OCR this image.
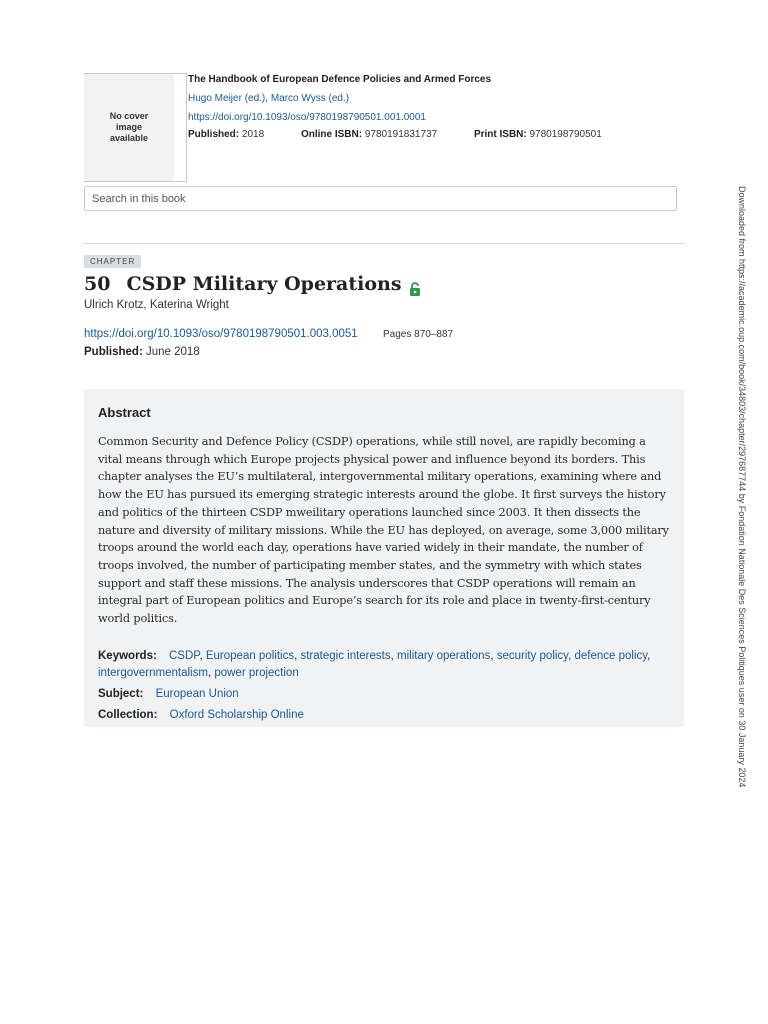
No cover image available
The Handbook of European Defence Policies and Armed Forces
Hugo Meijer (ed.), Marco Wyss (ed.)
https://doi.org/10.1093/oso/9780198790501.001.0001
Published: 2018	Online ISBN: 9780191831737	Print ISBN: 9780198790501
Search in this book
CHAPTER
50 CSDP Military Operations
Ulrich Krotz, Katerina Wright
https://doi.org/10.1093/oso/9780198790501.003.0051	Pages 870–887
Published: June 2018
Abstract

Common Security and Defence Policy (CSDP) operations, while still novel, are rapidly becoming a vital means through which Europe projects physical power and influence beyond its borders. This chapter analyses the EU’s multilateral, intergovernmental military operations, examining where and how the EU has pursued its emerging strategic interests around the globe. It first surveys the history and politics of the thirteen CSDP mweilitary operations launched since 2003. It then dissects the nature and diversity of military missions. While the EU has deployed, on average, some 3,000 military troops around the world each day, operations have varied widely in their mandate, the number of troops involved, the number of participating member states, and the symmetry with which states support and staff these missions. The analysis underscores that CSDP operations will remain an integral part of European politics and Europe’s search for its role and place in twenty-first-century world politics.

Keywords: CSDP, European politics, strategic interests, military operations, security policy, defence policy, intergovernmentalism, power projection
Subject: European Union
Collection: Oxford Scholarship Online	Downloaded from https://academic.oup.com/book/34803/chapter/297687744 by Fondation Nationale Des Sciences Politiques user on 30 January 2024
